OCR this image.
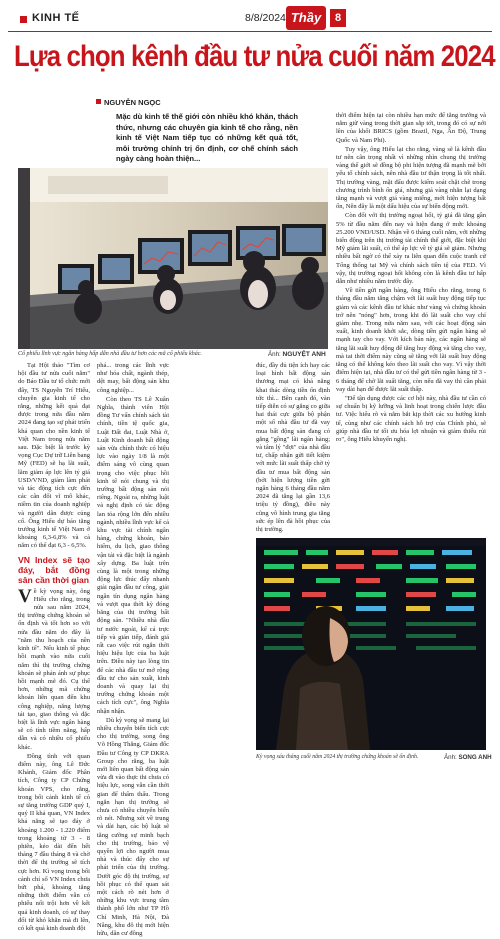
KINH TẾ	8/8/2024 Thầy	8
Lựa chọn kênh đầu tư nửa cuối năm 2024
NGUYỄN NGỌC
Mặc dù kinh tế thế giới còn nhiều khó khăn, thách thức, nhưng các chuyên gia kinh tế cho rằng, nền kinh tế Việt Nam tiếp tục có những kết quả tốt, môi trường chính trị ổn định, cơ chế chính sách ngày càng hoàn thiện...
Cổ phiếu lĩnh vực ngân hàng hấp dẫn nhà đầu tư hơn các mã cổ phiếu khác.	Ảnh: NGUYỆT ANH

Tại Hội thảo "Tìm cơ hội đầu tư nửa cuối năm" do Báo Đầu tư tổ chức mới đây, TS Nguyễn Trí Hiếu, chuyên gia kinh tế cho rằng, những kết quả đạt được trong nửa đầu năm 2024 đang tạo sự phát triển khả quan cho nền kinh tế Việt Nam trong nửa năm sau. Đặc biệt là trước kỳ vọng Cục Dự trữ Liên bang Mỹ (FED) sẽ hạ lãi suất, lãm giảm áp lực lên tỷ giá USD/VND, giảm làm phát và tác động tích cực đến các cân đối vĩ mô khác, niềm tin của doanh nghiệp và người dân được củng cố. Ông Hiếu dự báo tăng trưởng kinh tế Việt Nam ở khoảng 6,3-6,8% và cả năm có thể đạt 6,3 - 6,5%.

VN Index sẽ tạo đáy, bắt đồng sân cần thời gian

Về kỳ vọng này, ông Hiếu cho rằng, trong nửa sau năm 2024, thị trường chứng khoán sẽ ổn định và tốt hơn so với nửa đầu năm do đây là "năm thu hoạch của nền kinh tế". Nếu kinh tế phục hồi mạnh vào nửa cuối năm thì thị trường chứng khoán sẽ phản ánh sự phục hồi mạnh mẽ đó. Cụ thể hơn, những mã chứng khoán liên quan đến khu công nghiệp, năng lượng tái tạo, giao thông và đặc biệt là lĩnh vực ngân hàng sẽ có tính tiềm năng, hấp dẫn và có nhiều cổ phiếu khác.

Đồng tình với quan điểm này, ông Lê Đức Khánh, Giám đốc Phân tích, Công ty CP Chứng khoán VPS, cho rằng, trong bối cảnh kinh tế có sự tăng trưởng GDP quý I, quý II khả quan, VN Index khả năng sẽ tạo đáy ở khoảng 1.200 - 1.220 điểm trong khoảng từ 3 - 8 phiên, kéo dài đến hết tháng 7 đầu tháng 8 và chờ thời để thị trường sẽ tích cực hơn. Kì vọng trong bối cảnh chỉ số VN Index chưa bứt phá, khoảng tăng những thời điểm vẫn có phiếu nổi trội hơn về kết quả kinh doanh, có sự thay đổi từ khó khăn mà đi lên, có kết quả kinh doanh đột

phá... trong các lĩnh vực như hóa chất, ngành thép, dệt may, bất động sản khu công nghiệp...

Còn theo TS Lê Xuân Nghĩa, thành viên Hội đồng Tư vấn chính sách tài chính, tiền tệ quốc gia, Luật Đất đai, Luật Nhà ở, Luật Kinh doanh bất động sản vừa chính thức có hiệu lực vào ngày 1/8 là một điểm sáng vô cùng quan trọng cho việc phục hồi kinh tế nói chung và thị trường bất động sản nói riêng. Ngoài ra, những luật và nghị định có tác động lan tỏa rộng lớn đến nhiều ngành, nhiều lĩnh vực kể cả khu vực tài chính ngân hàng, chứng khoán, bảo hiểm, du lịch, giao thông vận tải và đặc biệt là ngành xây dựng. Ba luật trên cùng là một trong những động lực thúc đẩy nhanh giải ngân đầu tư công, giải ngân tín dụng ngân hàng và vượt qua thời kỳ đóng băng của thị trường bất động sản. "Nhiều nhà đầu tư nước ngoài, kể cả trực tiếp và gián tiếp, đánh giá rất cao việc rút ngắn thời hiệu hiệu lực của ba luật trên. Điều này tạo lòng tin để các nhà đầu tư mở rộng đầu tư cho sản xuất, kinh doanh và quay lại thị trường chứng khoán một cách tích cực", ông Nghĩa nhận nhận.

Dù kỳ vọng sẽ mang lại nhiều chuyển biến tích cực cho thị trường, song ông Võ Hồng Thắng, Giám đốc Đầu tư Công ty CP DKRA Group cho rằng, ba luật mới liên quan bất động sản vừa đi vào thực thi chưa có hiệu lực, song vẫn cần thời gian để thẩm thấu. Trong ngắn hạn thị trường sẽ chưa có nhiều chuyển biến rõ nét. Nhưng xét về trung và dài hạn, các bộ luật sẽ tăng cường sự minh bạch cho thị trường, bảo vệ quyền lợi cho người mua nhà và thúc đẩy cho sự phát triển của thị trường. Dưới góc độ thị trường, sự hồi phục có thể quan sát một cách rõ nét hơn ở những khu vực trung tâm thành phố lớn như TP Hồ Chí Minh, Hà Nội, Đà Nẵng, khu đô thị mới hiện hữu, dân cư đông

đúc, đầy đủ tiện ích hay các loại hình bất động sản thương mại có khả năng khai thác dòng tiền ổn định tức thì... Bên cạnh đó, vàn tiếp diễn có sự gắng co giữa hai thái cực giữa bộ phận một số nhà đầu tư đã vay mua bất động sản đang có gắng "gồng" lãi ngân hàng; và tâm lý "đợi" của nhà đầu tư, chấp nhận gửi tiết kiệm với mức lãi suất thấp chờ tỷ đầu tư mua bất động sản (bởi hiện lượng tiền gửi ngân hàng 6 tháng đầu năm 2024 đã tăng lại gần 13,6 triệu tỷ đồng), điều này cũng vô hình trung gia tăng sức ép lên đà hồi phục của thị trường.

thời điểm hiện tại còn nhiều hạn mức để tăng trưởng và nắm giữ vàng trong thời gian sắp tới, trong đó có sự nới lên của khối BRICS (gồm Brazil, Nga, Ấn Độ, Trung Quốc và Nam Phi).

Tuy vậy, ông Hiếu lại cho rằng, vàng sẽ là kênh đầu tư nên cân trọng nhất vì những nhìn chung thị trường vàng thế giới sẽ đồng bộ phi hiện tượng đã mạnh mẽ bởi yếu tố chính sách, nên nhà đầu tư thận trọng là tốt nhất. Thị trường vàng, mặt đấu được kiểm soát chặt chẽ trong chương trình bình ổn giá, nhưng giá vàng nhắn lại dạng tăng mạnh và vượt giá vàng miếng, mới hiện tượng bất ổn, Nên đây là một dấu hiệu của sự biến động mới.

Còn đối với thị trường ngoại hối, tỷ giá đã tăng gần 5% từ đầu năm đến nay và hiện đang ở mức khoảng 25.200 VND/USD. Nhận về 6 tháng cuối năm, với những biến động trên thị trường tài chính thế giới, đặc biệt khi Mỹ giảm lãi suất, có thể áp lực về tỷ giá sẽ giảm. Nhưng nhiều bất ngờ có thể xảy ra liên quan đến cuộc tranh cử Tổng thống tại Mỹ và chính sách tiền tệ của FED. Vì vậy, thị trường ngoại hối không còn là kênh đầu tư hấp dẫn như nhiều năm trước đây.

Về tiền gửi ngân hàng, ông Hiếu cho rằng, trong 6 tháng đầu năm tăng chậm với lãi suất huy động tiếp tục giảm và các kênh đầu tư khác như vàng và chứng khoán trở nên "nóng" hơn, trong khi đó lãi suất cho vay chỉ giảm nhẹ. Trong nửa năm sau, với các hoạt động sản xuất, kinh doanh khởi sắc, dòng tiền gửi ngân hàng sẽ mạnh tay cho vay. Với kích bản này, các ngân hàng sẽ tăng lãi suất huy động để tăng huy động và tăng cho vay, mà tai thời điểm này cũng sẽ tăng với lãi suất huy động tăng có thể không kéo theo lãi suất cho vay. Vì vậy thời điểm hiện tại, nhà đầu tư có thể gửi tiền ngân hàng từ 3 - 6 tháng để chờ lãi suất tăng, còn nếu đã vay thì cần phải vay dài hạn để được lãi suất thấp.

"Để tận dụng được các cơ hội này, nhà đầu tư cần có sự chuẩn bị kỹ lưỡng và linh hoạt trong chiến lược đầu tư. Việc hiểu rõ và nắm bắt kịp thời các xu hướng kinh tế, cùng như các chính sách hỗ trợ của Chính phủ, sẽ giúp nhà đầu tư tối ưu hóa lợi nhuận và giảm thiểu rủi ro", ông Hiếu khuyến nghị.

Kỳ vọng sáu tháng cuối năm 2024 thị trường chứng khoán sẽ ổn định.	Ảnh: SONG ANH
